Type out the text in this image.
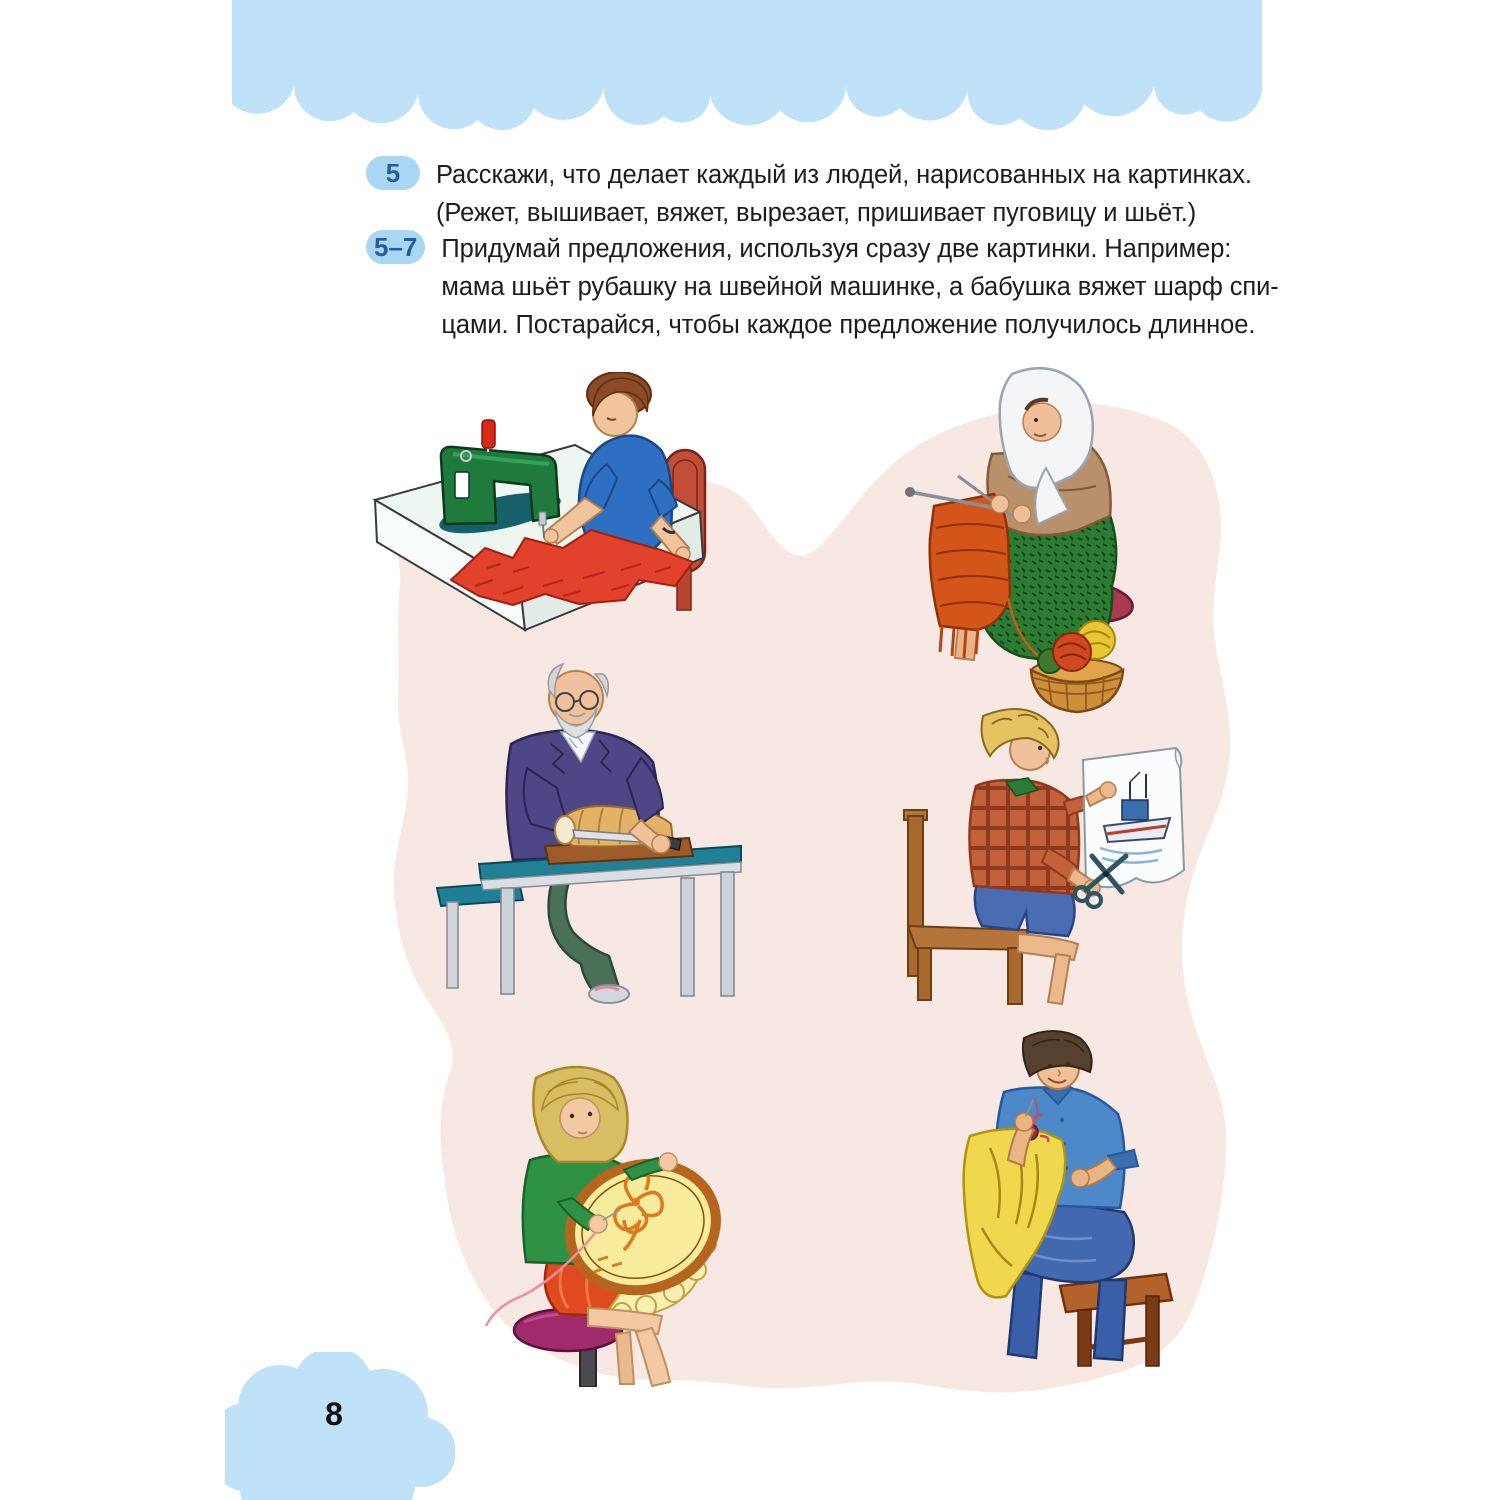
5	Расскажи, что делает каждый из людей, нарисованных на картинках.
(Режет, вышивает, вяжет, вырезает, пришивает пуговицу и шьёт.)
5–7 Придумай предложения, используя сразу две картинки. Например:
мама шьёт рубашку на швейной машинке, а бабушка вяжет шарф спи-
цами. Постарайся, чтобы каждое предложение получилось длинное.
8
